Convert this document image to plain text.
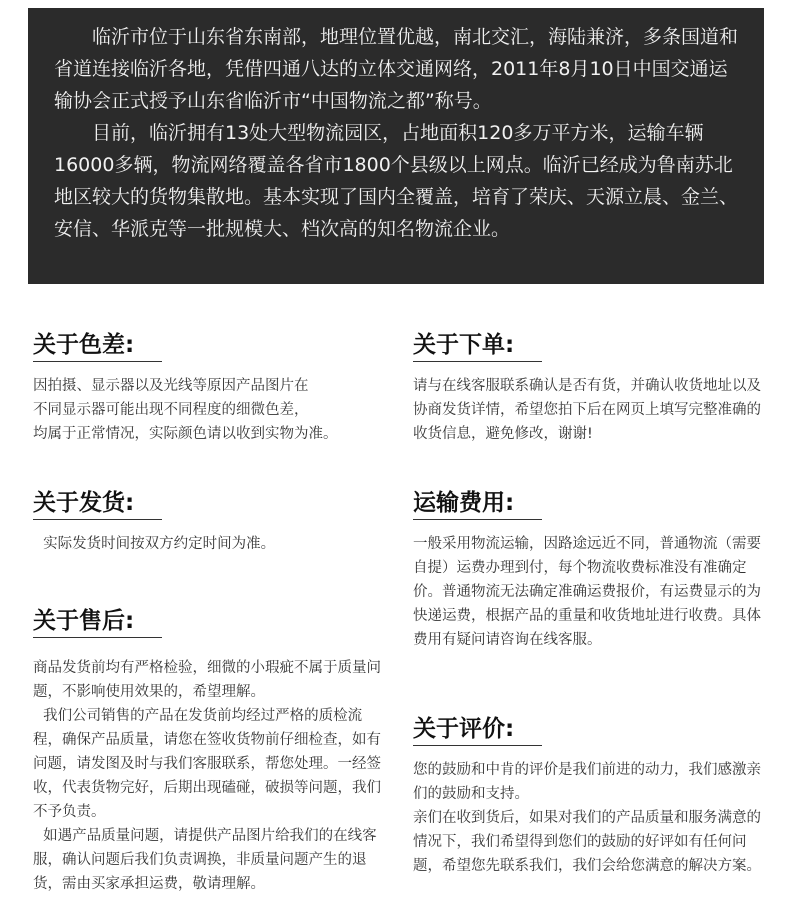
临沂市位于山东省东南部，地理位置优越，南北交汇，海陆兼济，多条国道和省道连接临沂各地，凭借四通八达的立体交通网络，2011年8月10日中国交通运输协会正式授予山东省临沂市“中国物流之都”称号。

目前，临沂拥有13处大型物流园区，占地面积120多万平方米，运输车辆16000多辆，物流网络覆盖各省市1800个县级以上网点。临沂已经成为鲁南苏北地区较大的货物集散地。基本实现了国内全覆盖，培育了荣庆、天源立晨、金兰、安信、华派克等一批规模大、档次高的知名物流企业。

关于色差:

因拍摄、显示器以及光线等原因产品图片在

不同显示器可能出现不同程度的细微色差，

均属于正常情况，实际颜色请以收到实物为准。

关于发货:

实际发货时间按双方约定时间为准。

关于售后:

商品发货前均有严格检验，细微的小瑕疵不属于质量问题，不影响使用效果的，希望理解。

我们公司销售的产品在发货前均经过严格的质检流程，确保产品质量，请您在签收货物前仔细检查，如有问题，请发图及时与我们客服联系，帮您处理。一经签收，代表货物完好，后期出现磕碰，破损等问题，我们不予负责。

如遇产品质量问题，请提供产品图片给我们的在线客服，确认问题后我们负责调换，非质量问题产生的退货，需由买家承担运费，敬请理解。

关于下单:

请与在线客服联系确认是否有货，并确认收货地址以及协商发货详情，希望您拍下后在网页上填写完整准确的收货信息，避免修改，谢谢!

运输费用:

一般采用物流运输，因路途远近不同，普通物流（需要自提）运费办理到付，每个物流收费标准没有准确定价。普通物流无法确定准确运费报价，有运费显示的为快递运费，根据产品的重量和收货地址进行收费。具体费用有疑问请咨询在线客服。

关于评价:

您的鼓励和中肯的评价是我们前进的动力，我们感激亲们的鼓励和支持。

亲们在收到货后，如果对我们的产品质量和服务满意的情况下，我们希望得到您们的鼓励的好评如有任何问题，希望您先联系我们，我们会给您满意的解决方案。
